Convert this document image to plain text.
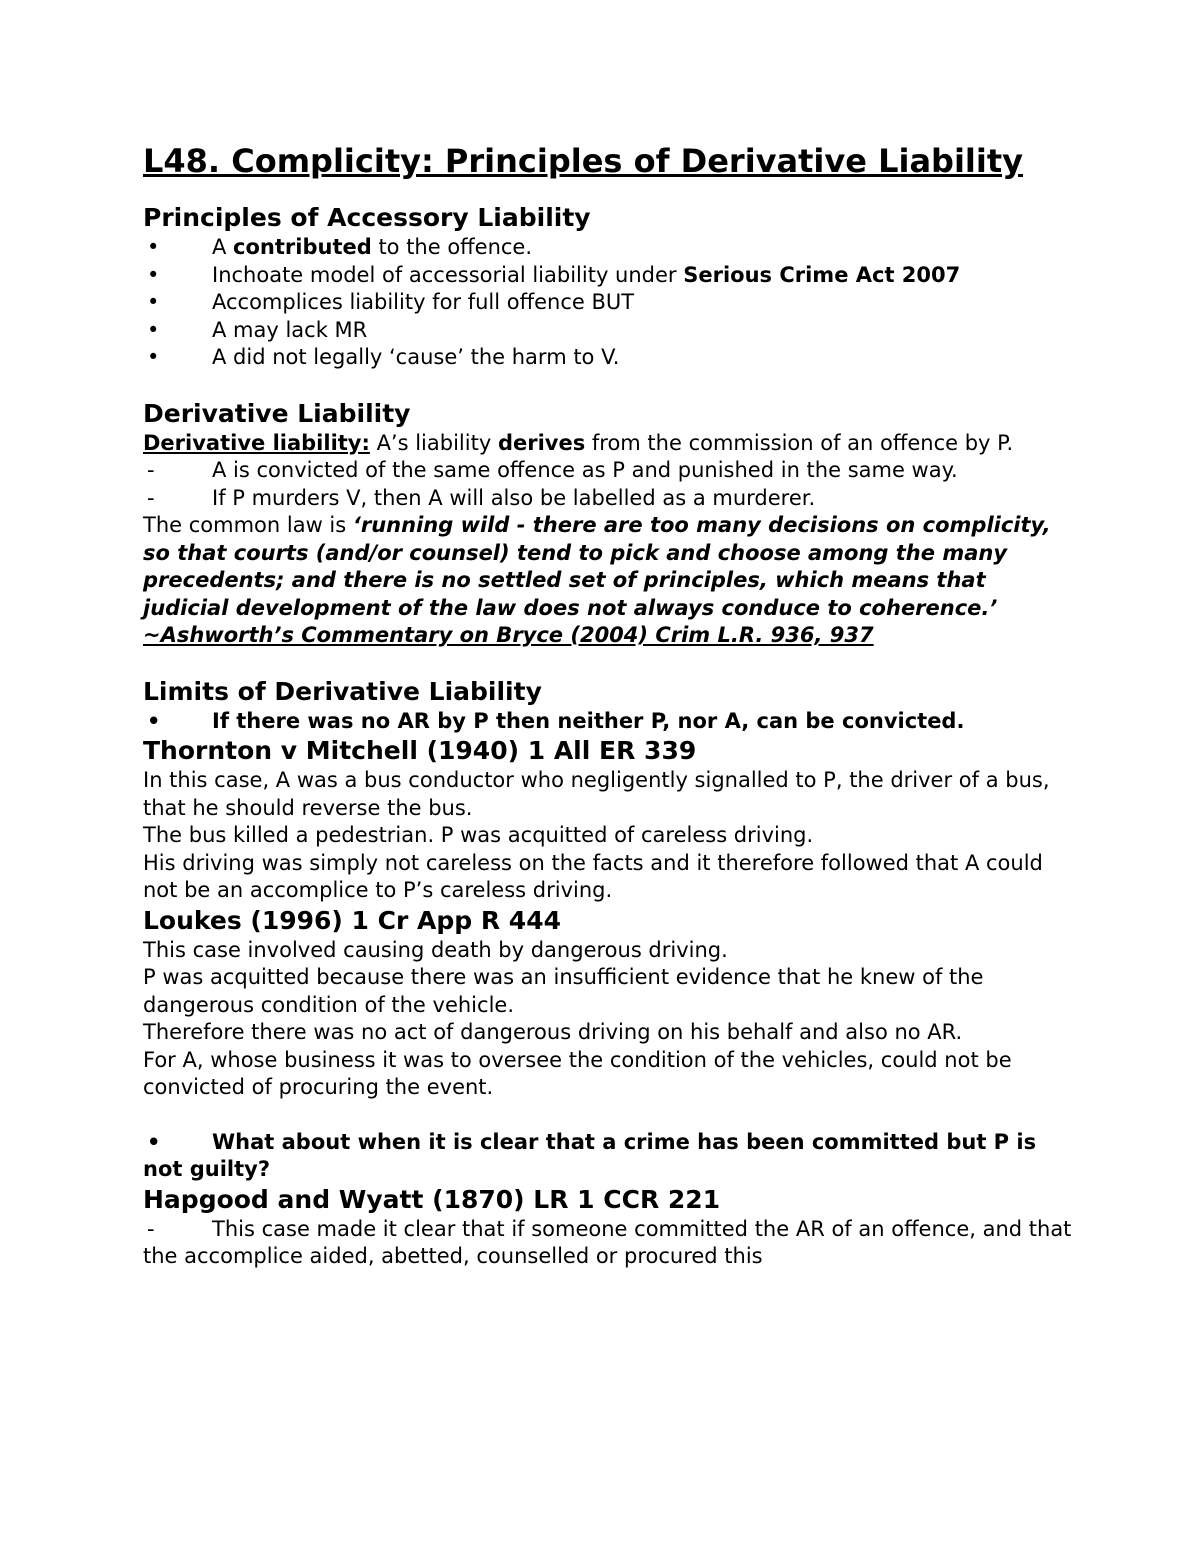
L48. Complicity: Principles of Derivative Liability
Principles of Accessory Liability
•	A contributed to the offence.
•	Inchoate model of accessorial liability under Serious Crime Act 2007
•	Accomplices liability for full offence BUT
•	A may lack MR
•	A did not legally ‘cause’ the harm to V.
Derivative Liability
Derivative liability: A’s liability derives from the commission of an offence by P.
-	A is convicted of the same offence as P and punished in the same way.
-	If P murders V, then A will also be labelled as a murderer.
The common law is ‘running wild - there are too many decisions on complicity, so that courts (and/or counsel) tend to pick and choose among the many precedents; and there is no settled set of principles, which means that judicial development of the law does not always conduce to coherence.’
~Ashworth’s Commentary on Bryce (2004) Crim L.R. 936, 937
Limits of Derivative Liability
•	If there was no AR by P then neither P, nor A, can be convicted.
Thornton v Mitchell (1940) 1 All ER 339
In this case, A was a bus conductor who negligently signalled to P, the driver of a bus, that he should reverse the bus.
The bus killed a pedestrian. P was acquitted of careless driving.
His driving was simply not careless on the facts and it therefore followed that A could not be an accomplice to P’s careless driving.
Loukes (1996) 1 Cr App R 444
This case involved causing death by dangerous driving.
P was acquitted because there was an insufficient evidence that he knew of the dangerous condition of the vehicle.
Therefore there was no act of dangerous driving on his behalf and also no AR.
For A, whose business it was to oversee the condition of the vehicles, could not be convicted of procuring the event.
•	What about when it is clear that a crime has been committed but P is not guilty?
Hapgood and Wyatt (1870) LR 1 CCR 221
-	This case made it clear that if someone committed the AR of an offence, and that the accomplice aided, abetted, counselled or procured this
